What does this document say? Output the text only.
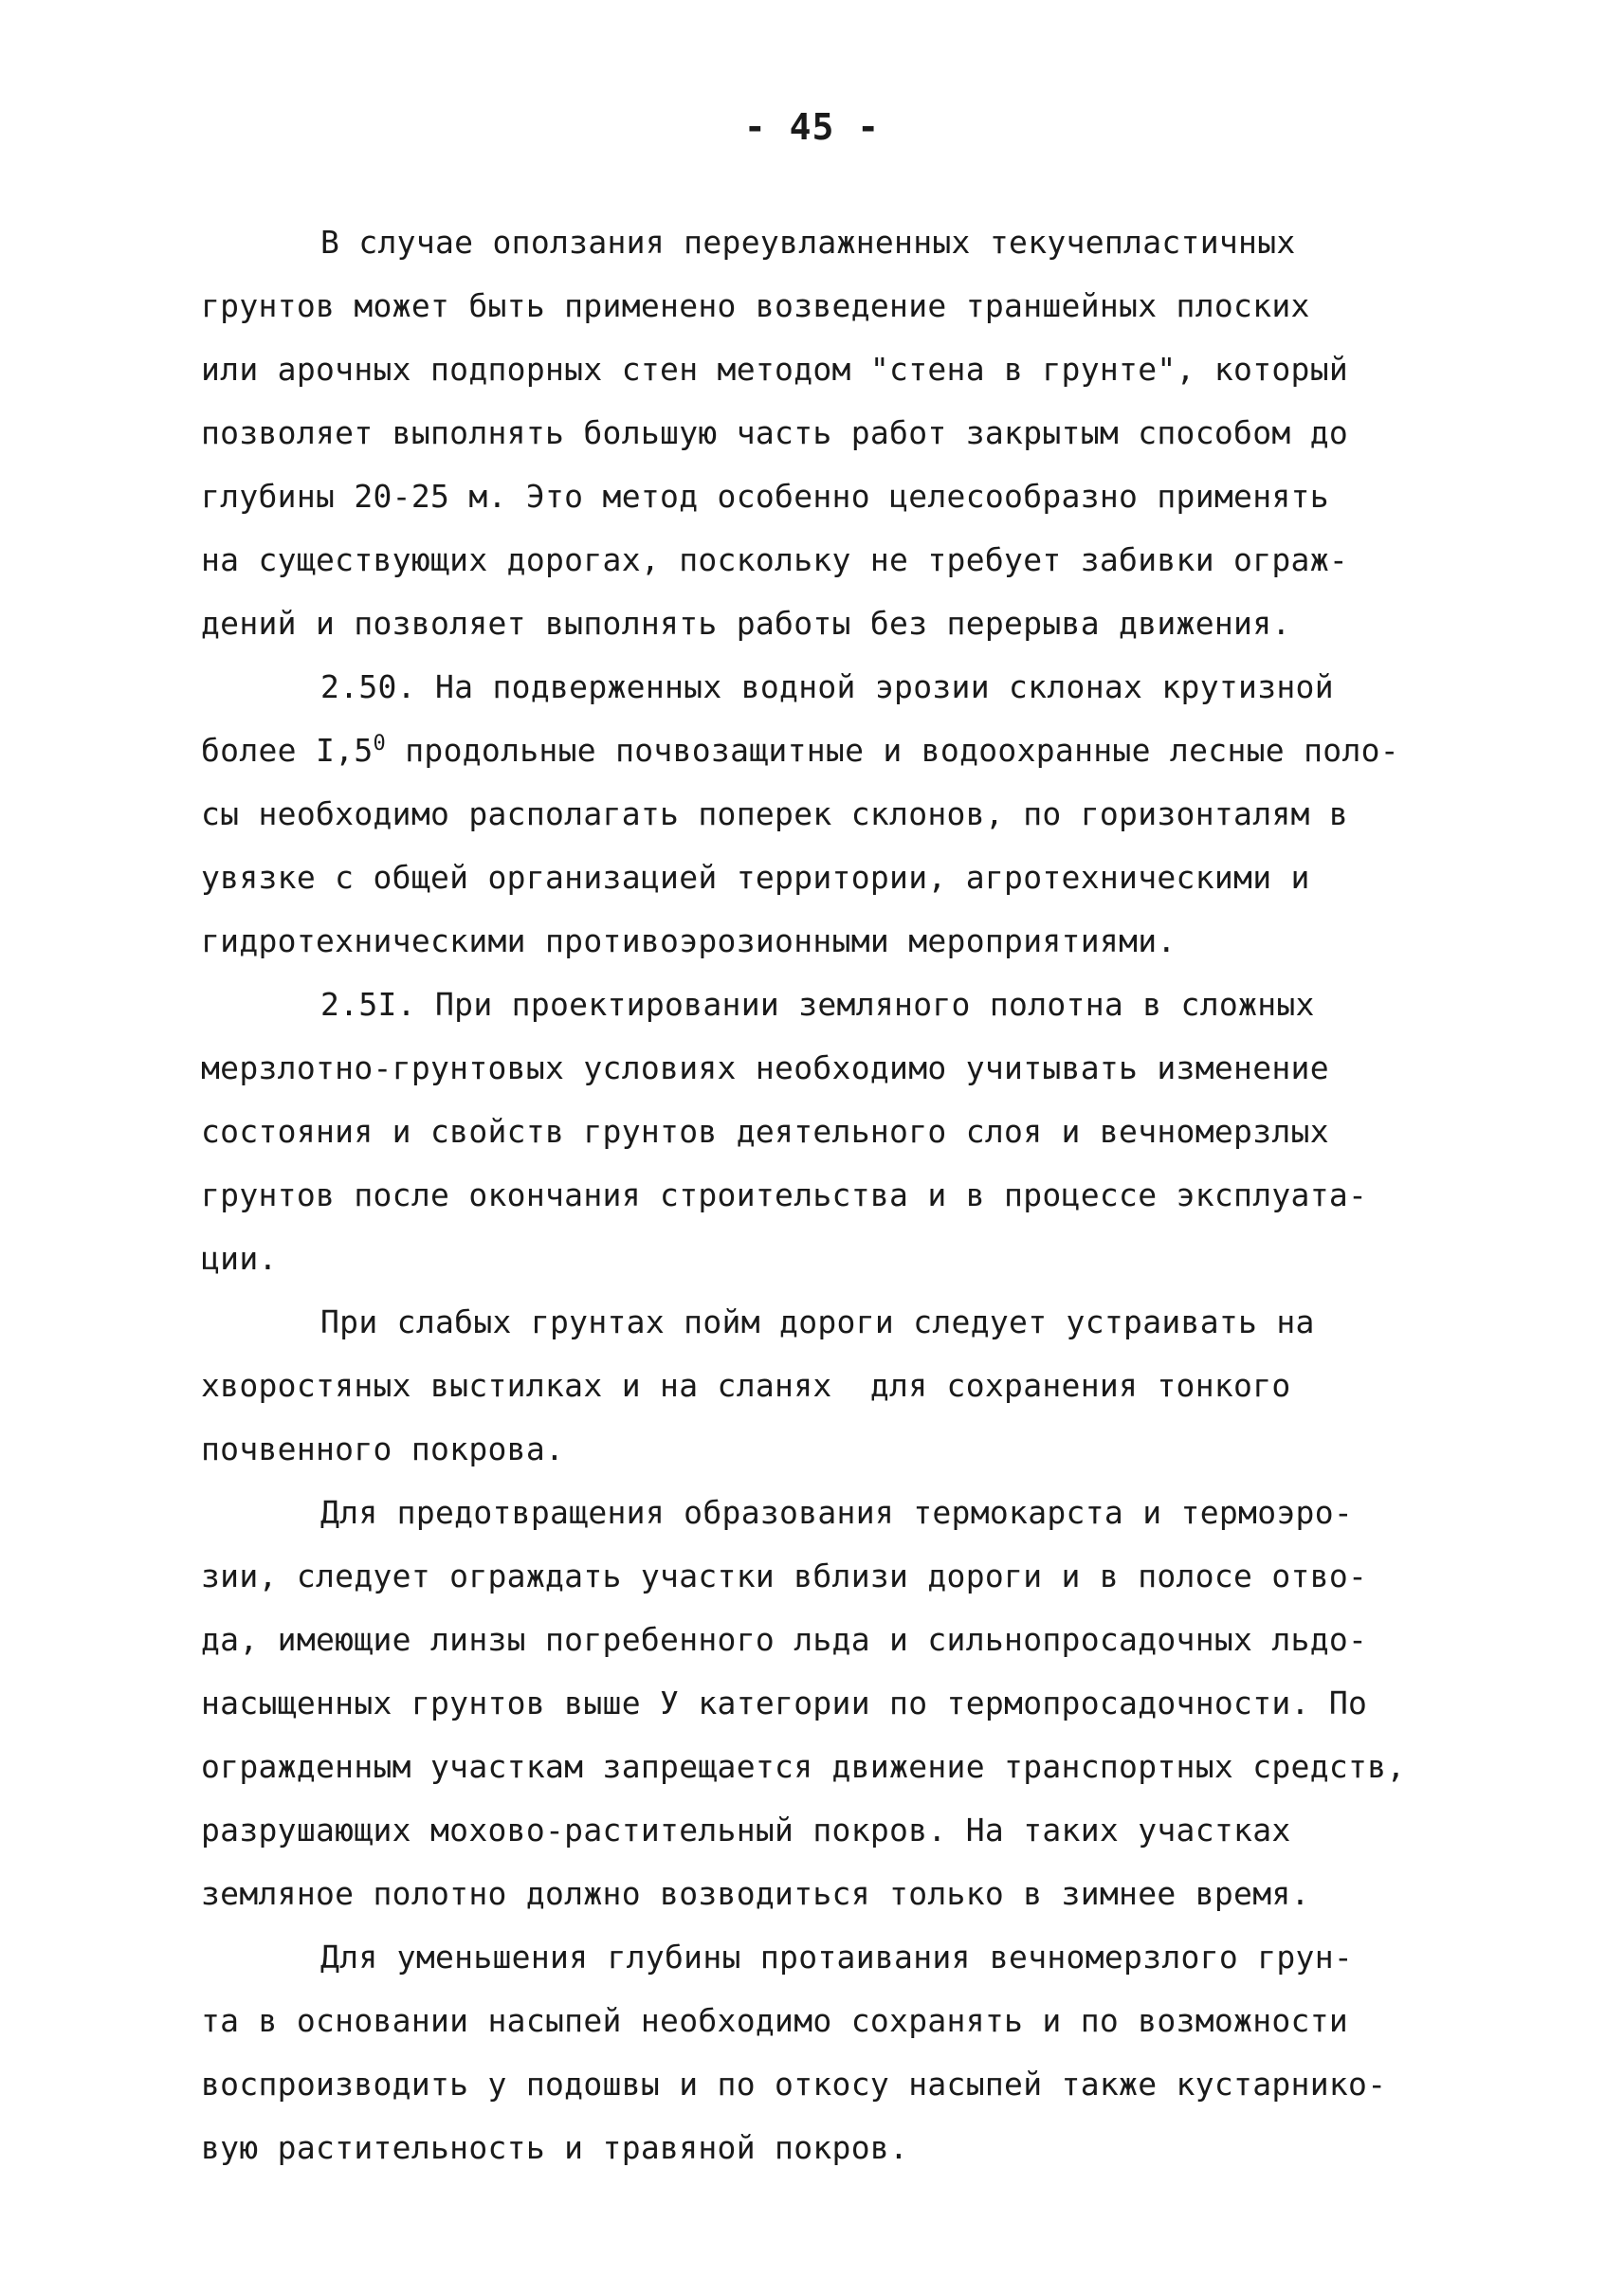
- 45 -
В случае оползания переувлажненных текучепластичных
грунтов может быть применено возведение траншейных плоских
или арочных подпорных стен методом "стена в грунте", который
позволяет выполнять большую часть работ закрытым способом до
глубины 20-25 м. Это метод особенно целесообразно применять
на существующих дорогах, поскольку не требует забивки ограж-
дений и позволяет выполнять работы без перерыва движения.
2.50. На подверженных водной эрозии склонах крутизной
более $I,5^0$ продольные почвозащитные и водоохранные лесные поло-
сы необходимо располагать поперек склонов, по горизонталям в
увязке с общей организацией территории, агротехническими и
гидротехническими противоэрозионными мероприятиями.
2.5I. При проектировании земляного полотна в сложных
мерзлотно-грунтовых условиях необходимо учитывать изменение
состояния и свойств грунтов деятельного слоя и вечномерзлых
грунтов после окончания строительства и в процессе эксплуата-
ции.
При слабых грунтах пойм дороги следует устраивать на
хворостяных выстилках и на сланях  для сохранения тонкого
почвенного покрова.
Для предотвращения образования термокарста и термоэро-
зии, следует ограждать участки вблизи дороги и в полосе отво-
да, имеющие линзы погребенного льда и сильнопросадочных льдо-
насыщенных грунтов выше У категории по термопросадочности. По
огражденным участкам запрещается движение транспортных средств,
разрушающих мохово-растительный покров. На таких участках
земляное полотно должно возводиться только в зимнее время.
Для уменьшения глубины протаивания вечномерзлого грун-
та в основании насыпей необходимо сохранять и по возможности
воспроизводить у подошвы и по откосу насыпей также кустарнико-
вую растительность и травяной покров.
